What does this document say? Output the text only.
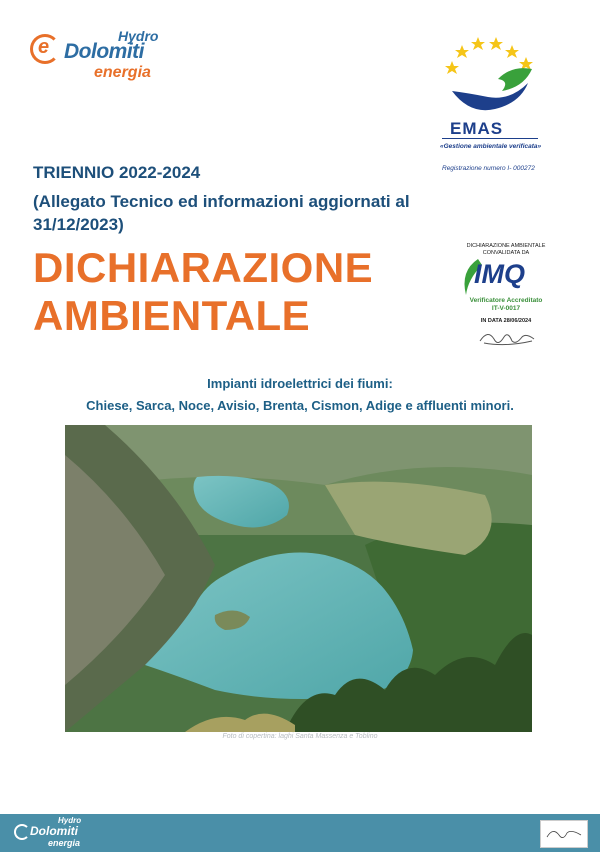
e	Hydro
Dolomiti
energia
EMAS
«Gestione ambientale verificata»
Registrazione numero I- 000272
TRIENNIO 2022-2024
(Allegato Tecnico ed informazioni aggiornati al 31/12/2023)
DICHIARAZIONE
AMBIENTALE
DICHIARAZIONE AMBIENTALE
CONVALIDATA DA
IMQ
Verificatore Accreditato
IT-V-0017
IN DATA 28/06/2024
Impianti idroelettrici dei fiumi:
Chiese, Sarca, Noce, Avisio, Brenta, Cismon, Adige e affluenti minori.
Foto di copertina: laghi Santa Massenza e Toblino
Hydro
Dolomiti
energia
